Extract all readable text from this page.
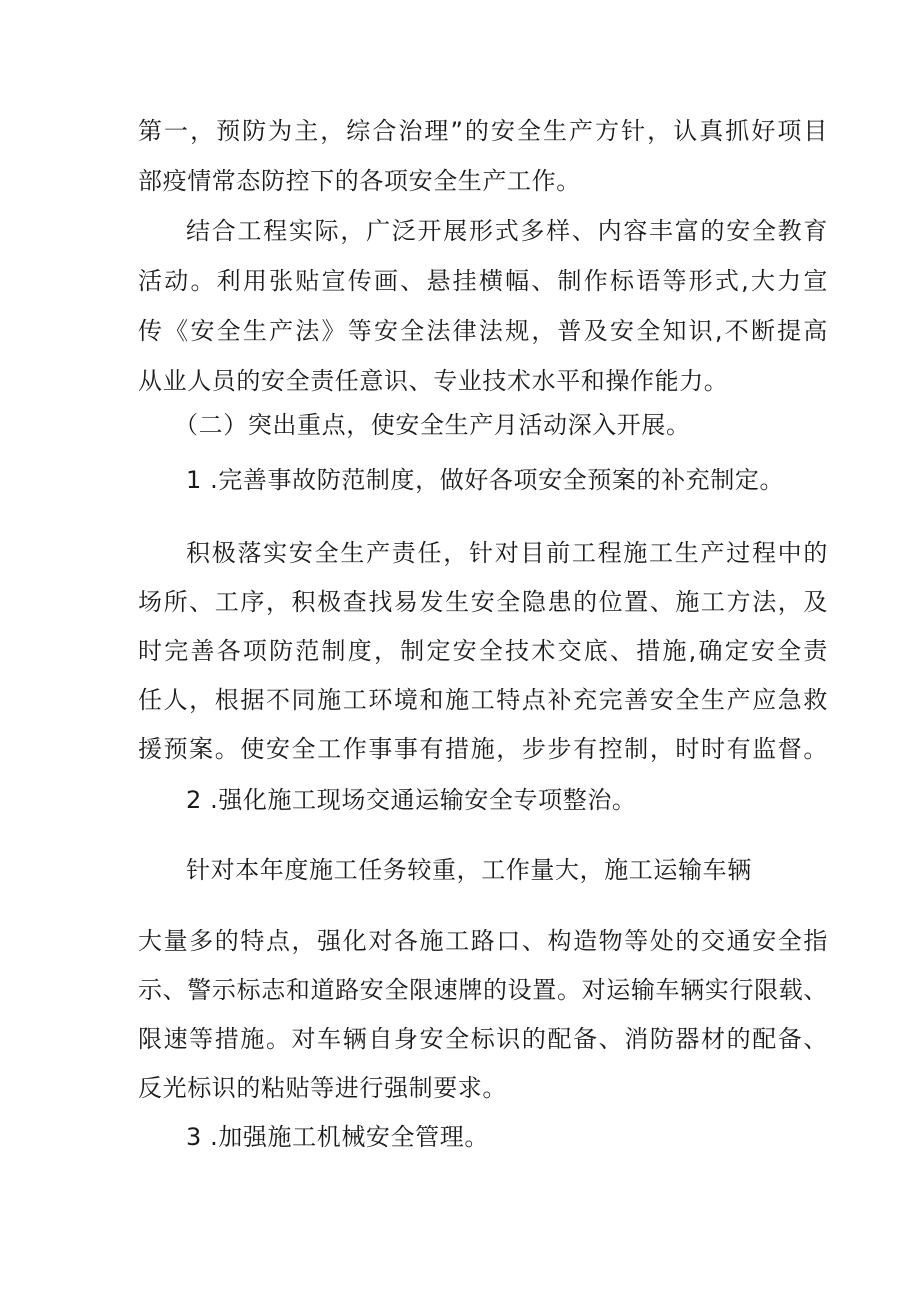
第一，预防为主，综合治理”的安全生产方针，认真抓好项目
部疫情常态防控下的各项安全生产工作。
结合工程实际，广泛开展形式多样、内容丰富的安全教育
活动。利用张贴宣传画、悬挂横幅、制作标语等形式,大力宣
传《安全生产法》等安全法律法规，普及安全知识,不断提高
从业人员的安全责任意识、专业技术水平和操作能力。
（二）突出重点，使安全生产月活动深入开展。
1 .完善事故防范制度，做好各项安全预案的补充制定。
积极落实安全生产责任，针对目前工程施工生产过程中的
场所、工序，积极查找易发生安全隐患的位置、施工方法，及
时完善各项防范制度，制定安全技术交底、措施,确定安全责
任人，根据不同施工环境和施工特点补充完善安全生产应急救
援预案。使安全工作事事有措施，步步有控制，时时有监督。
2 .强化施工现场交通运输安全专项整治。
针对本年度施工任务较重，工作量大，施工运输车辆
大量多的特点，强化对各施工路口、构造物等处的交通安全指
示、警示标志和道路安全限速牌的设置。对运输车辆实行限载、
限速等措施。对车辆自身安全标识的配备、消防器材的配备、
反光标识的粘贴等进行强制要求。
3 .加强施工机械安全管理。
